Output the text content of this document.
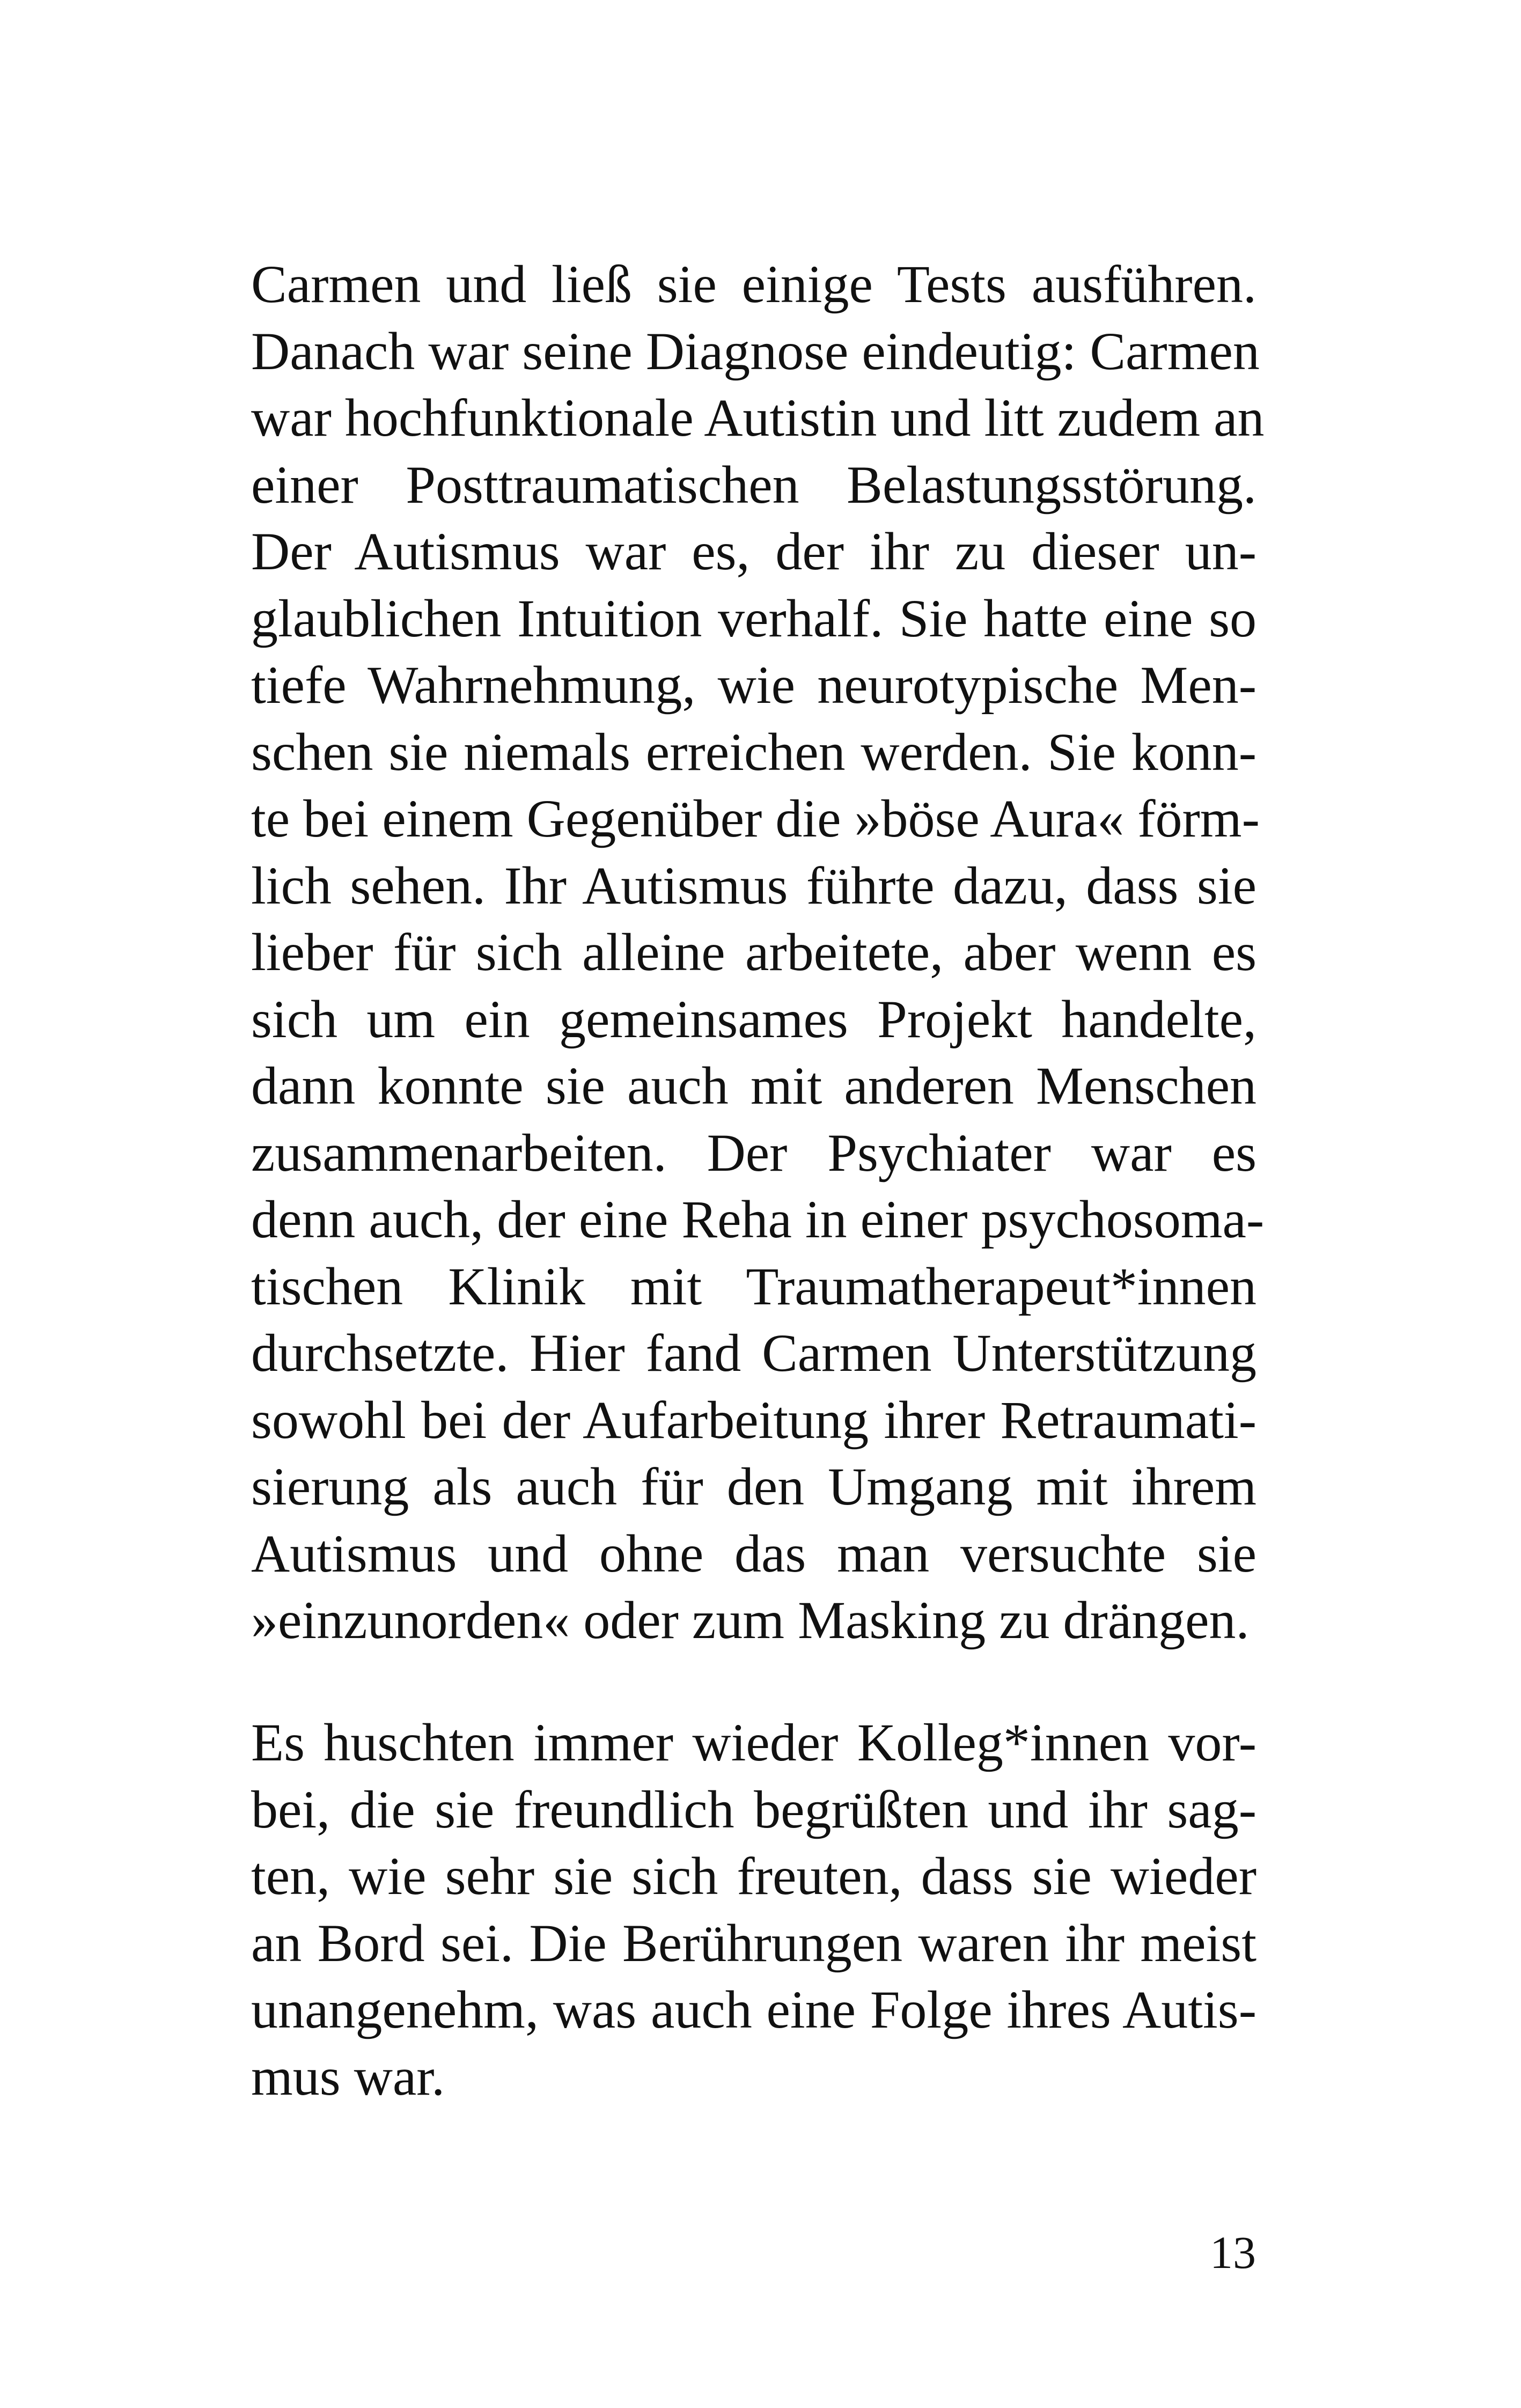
Carmen und ließ sie einige Tests ausführen.
Danach war seine Diagnose eindeutig: Carmen
war hochfunktionale Autistin und litt zudem an
einer Posttraumatischen Belastungsstörung.
Der Autismus war es, der ihr zu dieser un-
glaublichen Intuition verhalf. Sie hatte eine so
tiefe Wahrnehmung, wie neurotypische Men-
schen sie niemals erreichen werden. Sie konn-
te bei einem Gegenüber die »böse Aura« förm-
lich sehen. Ihr Autismus führte dazu, dass sie
lieber für sich alleine arbeitete, aber wenn es
sich um ein gemeinsames Projekt handelte,
dann konnte sie auch mit anderen Menschen
zusammenarbeiten. Der Psychiater war es
denn auch, der eine Reha in einer psychosoma-
tischen Klinik mit Traumatherapeut*innen
durchsetzte. Hier fand Carmen Unterstützung
sowohl bei der Aufarbeitung ihrer Retraumati-
sierung als auch für den Umgang mit ihrem
Autismus und ohne das man versuchte sie
»einzunorden« oder zum Masking zu drängen.
Es huschten immer wieder Kolleg*innen vor-
bei, die sie freundlich begrüßten und ihr sag-
ten, wie sehr sie sich freuten, dass sie wieder
an Bord sei. Die Berührungen waren ihr meist
unangenehm, was auch eine Folge ihres Autis-
mus war.
13
